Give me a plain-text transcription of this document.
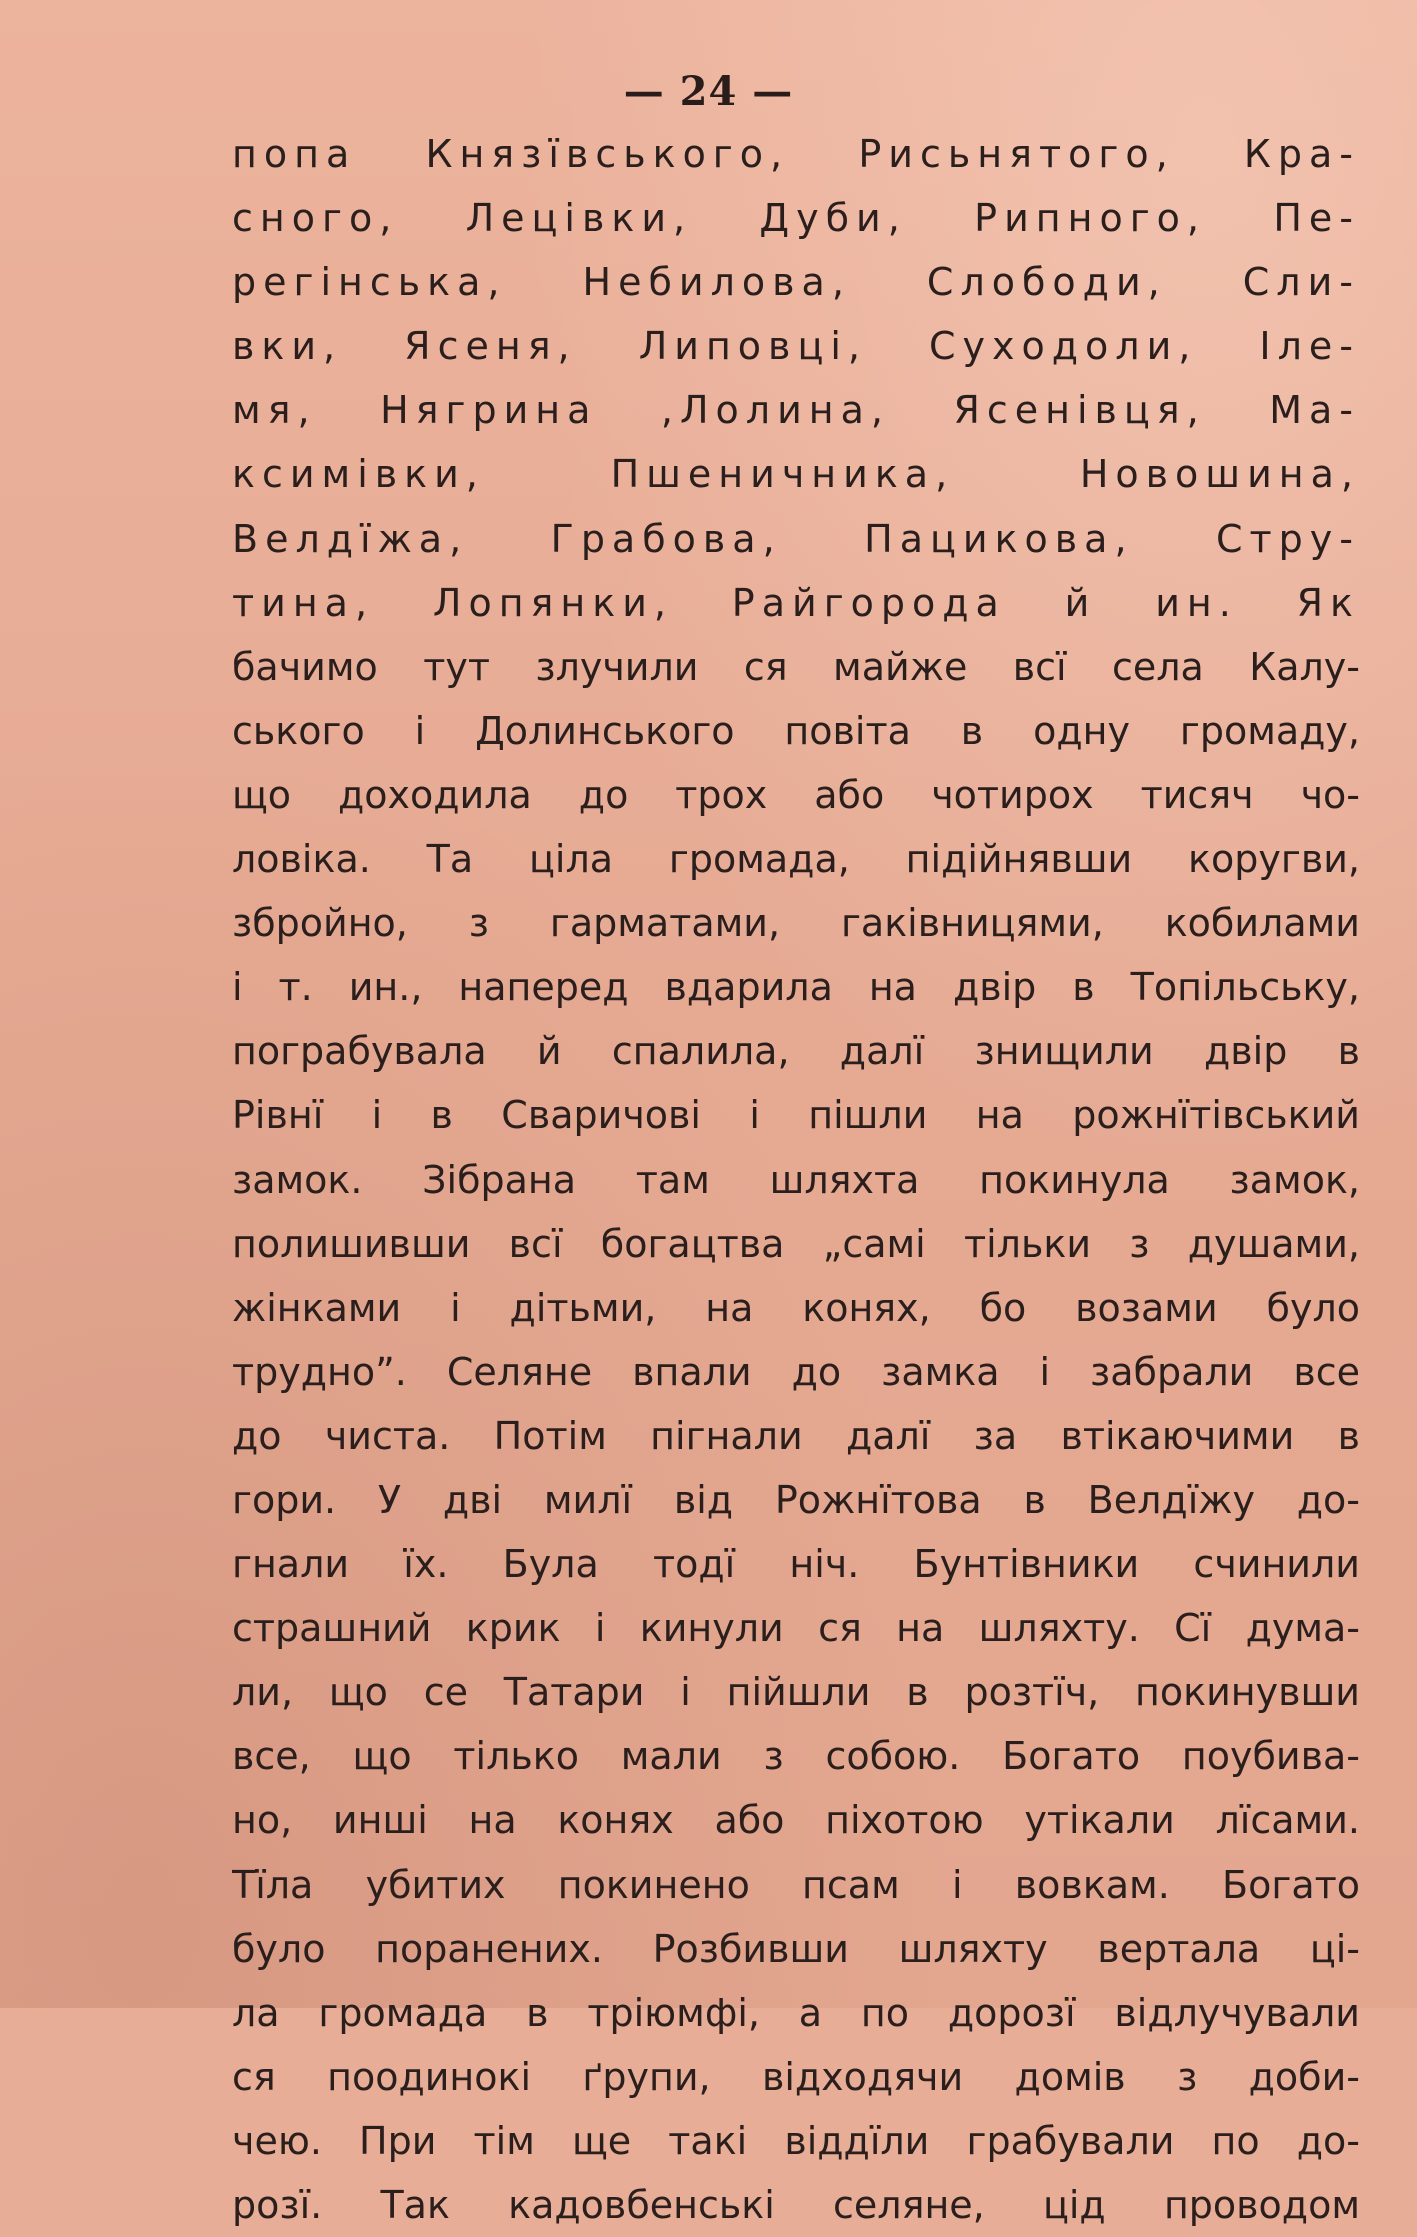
— 24 —
попа Князївського, Рисьнятого, Кра-
сного, Лецівки, Дуби, Рипного, Пе-
регінська, Небилова, Слободи, Сли-
вки, Ясеня, Липовці, Суходоли, Іле-
мя, Нягрина ,Лолина, Ясенівця, Ма-
ксимівки, Пшеничника, Новошина,
Велдїжа, Грабова, Пацикова, Стру-
тина, Лопянки, Райгорода й ин. Як
бачимо тут злучили ся майже всї села Калу-
ського і Долинського повіта в одну громаду,
що доходила до трох або чотирох тисяч чо-
ловіка. Та ціла громада, підійнявши коругви,
збройно, з гарматами, гаківницями, кобилами
і т. ин., наперед вдарила на двір в Топільську,
пограбувала й спалила, далї знищили двір в
Рівнї і в Сваричові і пішли на рожнїтівський
замок. Зібрана там шляхта покинула замок,
полишивши всї богацтва „самі тільки з душами,
жінками і дітьми, на конях, бо возами було
трудно”. Селяне впали до замка і забрали все
до чиста. Потім пігнали далї за втікаючими в
гори. У дві милї від Рожнїтова в Велдїжу до-
гнали їх. Була тодї ніч. Бунтівники счинили
страшний крик і кинули ся на шляхту. Сї дума-
ли, що се Татари і пійшли в розтїч, покинувши
все, що тілько мали з собою. Богато поубива-
но, инші на конях або піхотою утікали лїсами.
Тїла убитих покинено псам і вовкам. Богато
було поранених. Розбивши шляхту вертала ці-
ла громада в тріюмфі, а по дорозї відлучували
ся поодинокі ґрупи, відходячи домів з доби-
чею. При тім ще такі віддїли грабували по до-
розї. Так кадовбенські селяне, цід проводом
